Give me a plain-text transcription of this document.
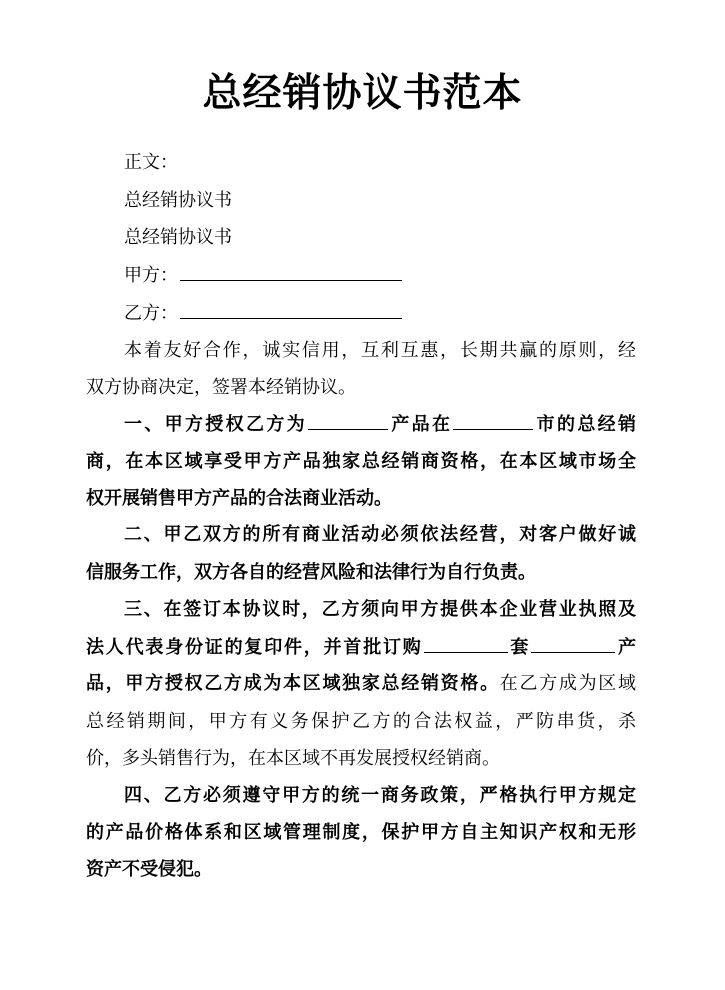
总经销协议书范本
正文：
总经销协议书
总经销协议书
甲方：
乙方：
本着友好合作，诚实信用，互利互惠，长期共赢的原则，经
双方协商决定，签署本经销协议。
一、甲方授权乙方为	产品在	市的总经销
商，在本区域享受甲方产品独家总经销商资格，在本区域市场全
权开展销售甲方产品的合法商业活动。
二、甲乙双方的所有商业活动必须依法经营，对客户做好诚
信服务工作，双方各自的经营风险和法律行为自行负责。
三、在签订本协议时，乙方须向甲方提供本企业营业执照及
法人代表身份证的复印件，并首批订购	套	产
品，甲方授权乙方成为本区域独家总经销资格。在乙方成为区域
总经销期间，甲方有义务保护乙方的合法权益，严防串货，杀
价，多头销售行为，在本区域不再发展授权经销商。
四、乙方必须遵守甲方的统一商务政策，严格执行甲方规定
的产品价格体系和区域管理制度，保护甲方自主知识产权和无形
资产不受侵犯。
